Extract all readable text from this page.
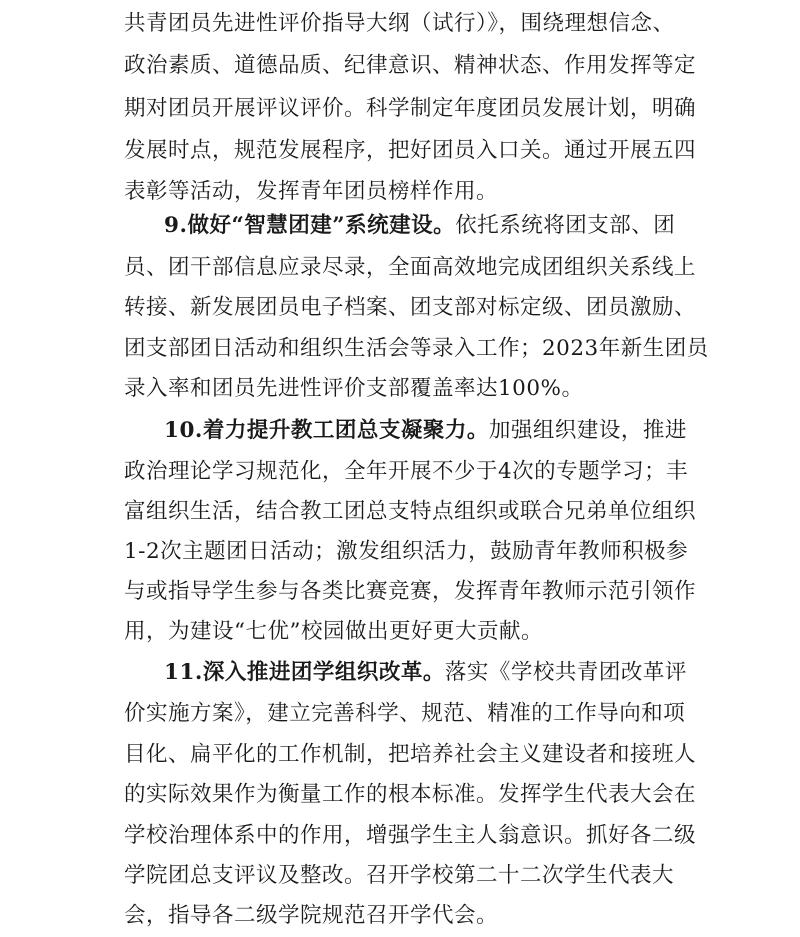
共青团员先进性评价指导大纲（试行）》，围绕理想信念、
政治素质、道德品质、纪律意识、精神状态、作用发挥等定
期对团员开展评议评价。科学制定年度团员发展计划，明确
发展时点，规范发展程序，把好团员入口关。通过开展五四
表彰等活动，发挥青年团员榜样作用。
9.做好“智慧团建”系统建设。依托系统将团支部、团
员、团干部信息应录尽录，全面高效地完成团组织关系线上
转接、新发展团员电子档案、团支部对标定级、团员激励、
团支部团日活动和组织生活会等录入工作；2023年新生团员
录入率和团员先进性评价支部覆盖率达100%。
10.着力提升教工团总支凝聚力。加强组织建设，推进
政治理论学习规范化，全年开展不少于4次的专题学习；丰
富组织生活，结合教工团总支特点组织或联合兄弟单位组织
1-2次主题团日活动；激发组织活力，鼓励青年教师积极参
与或指导学生参与各类比赛竞赛，发挥青年教师示范引领作
用，为建设“七优”校园做出更好更大贡献。
11.深入推进团学组织改革。落实《学校共青团改革评
价实施方案》，建立完善科学、规范、精准的工作导向和项
目化、扁平化的工作机制，把培养社会主义建设者和接班人
的实际效果作为衡量工作的根本标准。发挥学生代表大会在
学校治理体系中的作用，增强学生主人翁意识。抓好各二级
学院团总支评议及整改。召开学校第二十二次学生代表大
会，指导各二级学院规范召开学代会。
